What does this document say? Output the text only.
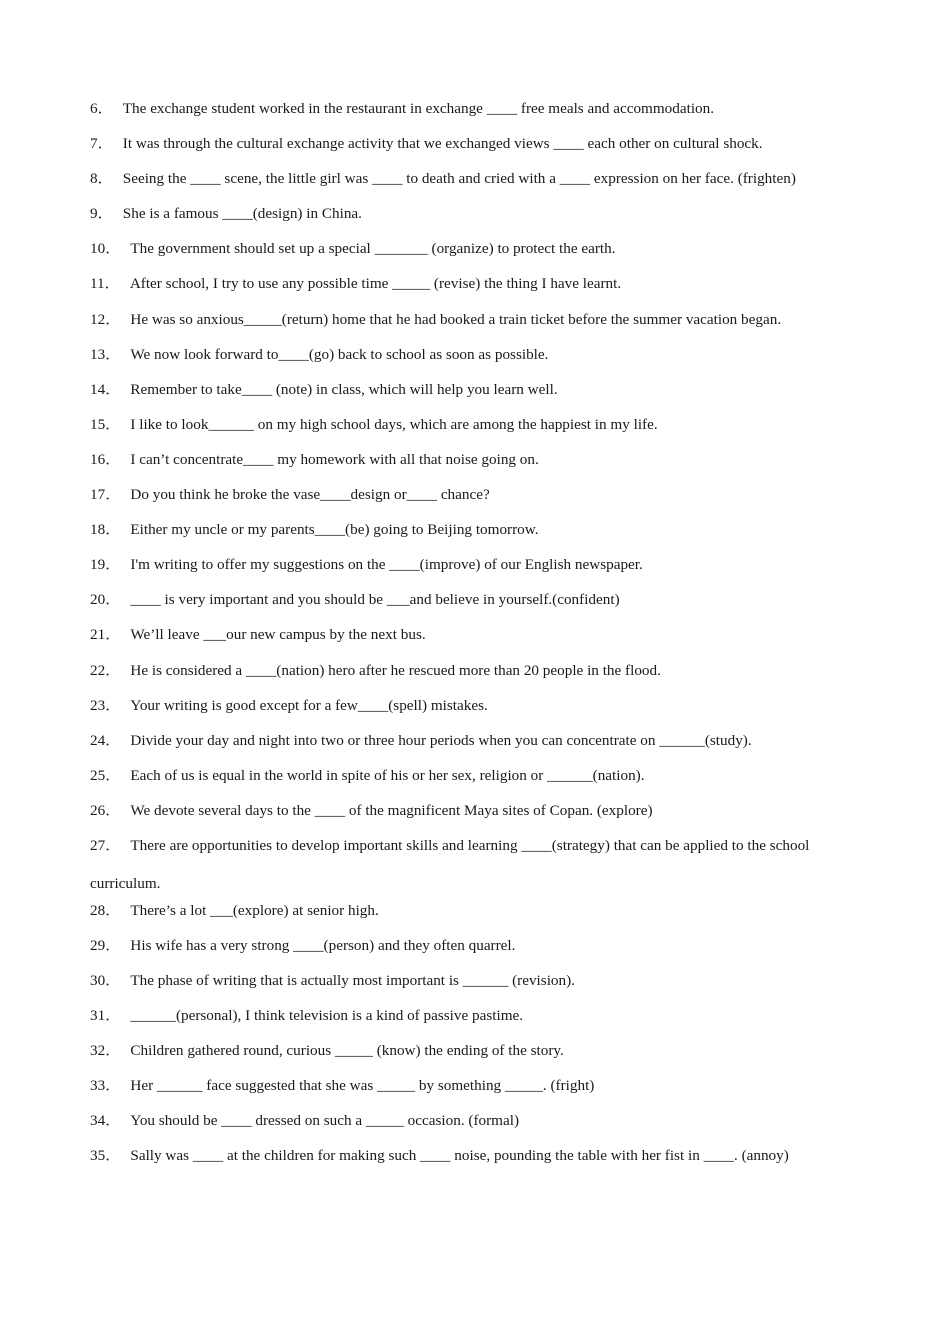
6． The exchange student worked in the restaurant in exchange ____ free meals and accommodation.
7． It was through the cultural exchange activity that we exchanged views ____ each other on cultural shock.
8． Seeing the ____ scene, the little girl was ____ to death and cried with a ____ expression on her face. (frighten)
9． She is a famous ____(design) in China.
10． The government should set up a special _______ (organize) to protect the earth.
11． After school, I try to use any possible time _____ (revise) the thing I have learnt.
12． He was so anxious_____(return) home that he had booked a train ticket before the summer vacation began.
13． We now look forward to____(go) back to school as soon as possible.
14． Remember to take____ (note) in class, which will help you learn well.
15． I like to look______ on my high school days, which are among the happiest in my life.
16． I can’t concentrate____ my homework with all that noise going on.
17． Do you think he broke the vase____design or____ chance?
18． Either my uncle or my parents____(be) going to Beijing tomorrow.
19． I'm writing to offer my suggestions on the ____(improve) of our English newspaper.
20． ____ is very important and you should be ___and believe in yourself.(confident)
21． We’ll leave ___our new campus by the next bus.
22． He is considered a ____(nation) hero after he rescued more than 20 people in the flood.
23． Your writing is good except for a few____(spell) mistakes.
24． Divide your day and night into two or three hour periods when you can concentrate on ______(study).
25． Each of us is equal in the world in spite of his or her sex, religion or ______(nation).
26． We devote several days to the ____ of the magnificent Maya sites of Copan. (explore)
27． There are opportunities to develop important skills and learning ____(strategy) that can be applied to the school curriculum.
28． There’s a lot ___(explore) at senior high.
29． His wife has a very strong ____(person) and they often quarrel.
30． The phase of writing that is actually most important is ______ (revision).
31． ______(personal), I think television is a kind of passive pastime.
32． Children gathered round, curious _____ (know) the ending of the story.
33． Her ______ face suggested that she was _____ by something _____. (fright)
34． You should be ____ dressed on such a _____ occasion. (formal)
35． Sally was ____ at the children for making such ____ noise, pounding the table with her fist in ____. (annoy)
